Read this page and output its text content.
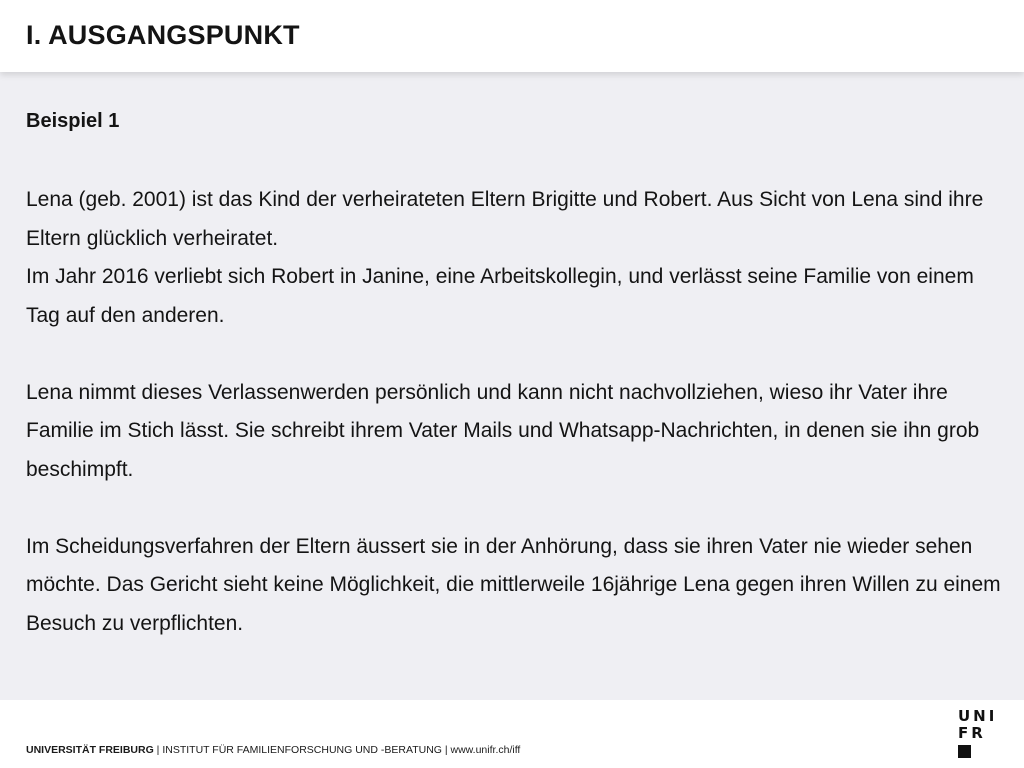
I. AUSGANGSPUNKT
Beispiel 1

Lena (geb. 2001) ist das Kind der verheirateten Eltern Brigitte und Robert. Aus Sicht von Lena sind ihre Eltern glücklich verheiratet.

Im Jahr 2016 verliebt sich Robert in Janine, eine Arbeitskollegin, und verlässt seine Familie von einem Tag auf den anderen.

Lena nimmt dieses Verlassenwerden persönlich und kann nicht nachvollziehen, wieso ihr Vater ihre Familie im Stich lässt. Sie schreibt ihrem Vater Mails und Whatsapp-Nachrichten, in denen sie ihn grob beschimpft.

Im Scheidungsverfahren der Eltern äussert sie in der Anhörung, dass sie ihren Vater nie wieder sehen möchte. Das Gericht sieht keine Möglichkeit, die mittlerweile 16jährige Lena gegen ihren Willen zu einem Besuch zu verpflichten.

UNIVERSITÄT FREIBURG | INSTITUT FÜR FAMILIENFORSCHUNG UND -BERATUNG | www.unifr.ch/iff
UNI
FR
